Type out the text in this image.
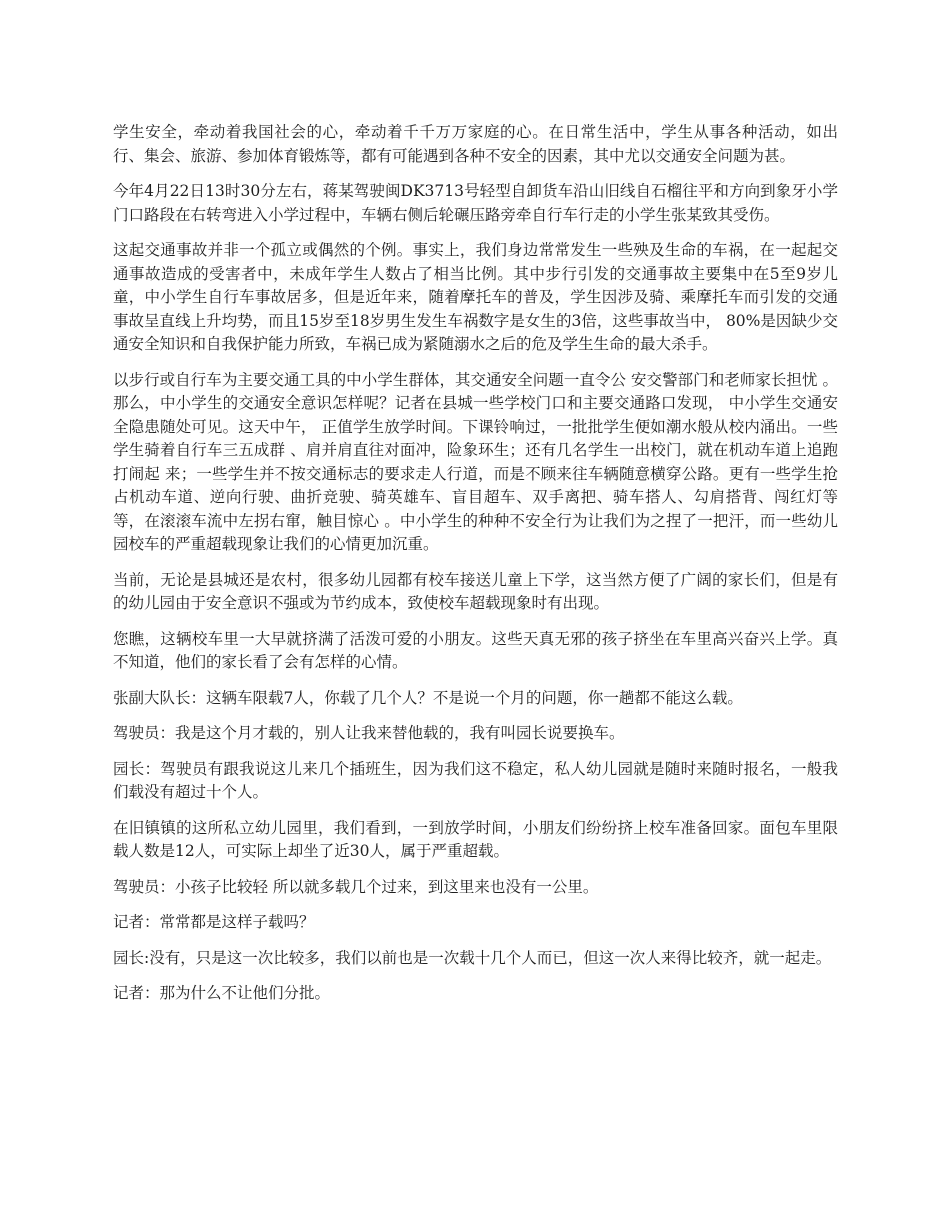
学生安全，牵动着我国社会的心，牵动着千千万万家庭的心。在日常生活中，学生从事各种活动，如出行、集会、旅游、参加体育锻炼等，都有可能遇到各种不安全的因素，其中尤以交通安全问题为甚。

今年4月22日13时30分左右，蒋某驾驶闽DK3713号轻型自卸货车沿山旧线自石榴往平和方向到象牙小学门口路段在右转弯进入小学过程中，车辆右侧后轮碾压路旁牵自行车行走的小学生张某致其受伤。

这起交通事故并非一个孤立或偶然的个例。事实上，我们身边常常发生一些殃及生命的车祸，在一起起交通事故造成的受害者中，未成年学生人数占了相当比例。其中步行引发的交通事故主要集中在5至9岁儿童，中小学生自行车事故居多，但是近年来，随着摩托车的普及，学生因涉及骑、乘摩托车而引发的交通事故呈直线上升均势，而且15岁至18岁男生发生车祸数字是女生的3倍，这些事故当中， 80%是因缺少交通安全知识和自我保护能力所致，车祸已成为紧随溺水之后的危及学生生命的最大杀手。

以步行或自行车为主要交通工具的中小学生群体，其交通安全问题一直令公 安交警部门和老师家长担忧 。那么，中小学生的交通安全意识怎样呢？记者在县城一些学校门口和主要交通路口发现， 中小学生交通安全隐患随处可见。这天中午， 正值学生放学时间。下课铃响过，一批批学生便如潮水般从校内涌出。一些学生骑着自行车三五成群 、肩并肩直往对面冲，险象环生；还有几名学生一出校门，就在机动车道上追跑打闹起 来；一些学生并不按交通标志的要求走人行道，而是不顾来往车辆随意横穿公路。更有一些学生抢占机动车道、逆向行驶、曲折竞驶、骑英雄车、盲目超车、双手离把、骑车搭人、勾肩搭背、闯红灯等等，在滚滚车流中左拐右窜，触目惊心 。中小学生的种种不安全行为让我们为之捏了一把汗，而一些幼儿园校车的严重超载现象让我们的心情更加沉重。

当前，无论是县城还是农村，很多幼儿园都有校车接送儿童上下学，这当然方便了广阔的家长们，但是有的幼儿园由于安全意识不强或为节约成本，致使校车超载现象时有出现。

您瞧，这辆校车里一大早就挤满了活泼可爱的小朋友。这些天真无邪的孩子挤坐在车里高兴奋兴上学。真不知道，他们的家长看了会有怎样的心情。

张副大队长：这辆车限载7人，你载了几个人？不是说一个月的问题，你一趟都不能这么载。

驾驶员：我是这个月才载的，别人让我来替他载的，我有叫园长说要换车。

园长：驾驶员有跟我说这儿来几个插班生，因为我们这不稳定，私人幼儿园就是随时来随时报名，一般我们载没有超过十个人。

在旧镇镇的这所私立幼儿园里，我们看到，一到放学时间，小朋友们纷纷挤上校车准备回家。面包车里限载人数是12人，可实际上却坐了近30人，属于严重超载。

驾驶员：小孩子比较轻 所以就多载几个过来，到这里来也没有一公里。

记者：常常都是这样子载吗？

园长:没有，只是这一次比较多，我们以前也是一次载十几个人而已，但这一次人来得比较齐，就一起走。

记者：那为什么不让他们分批。
